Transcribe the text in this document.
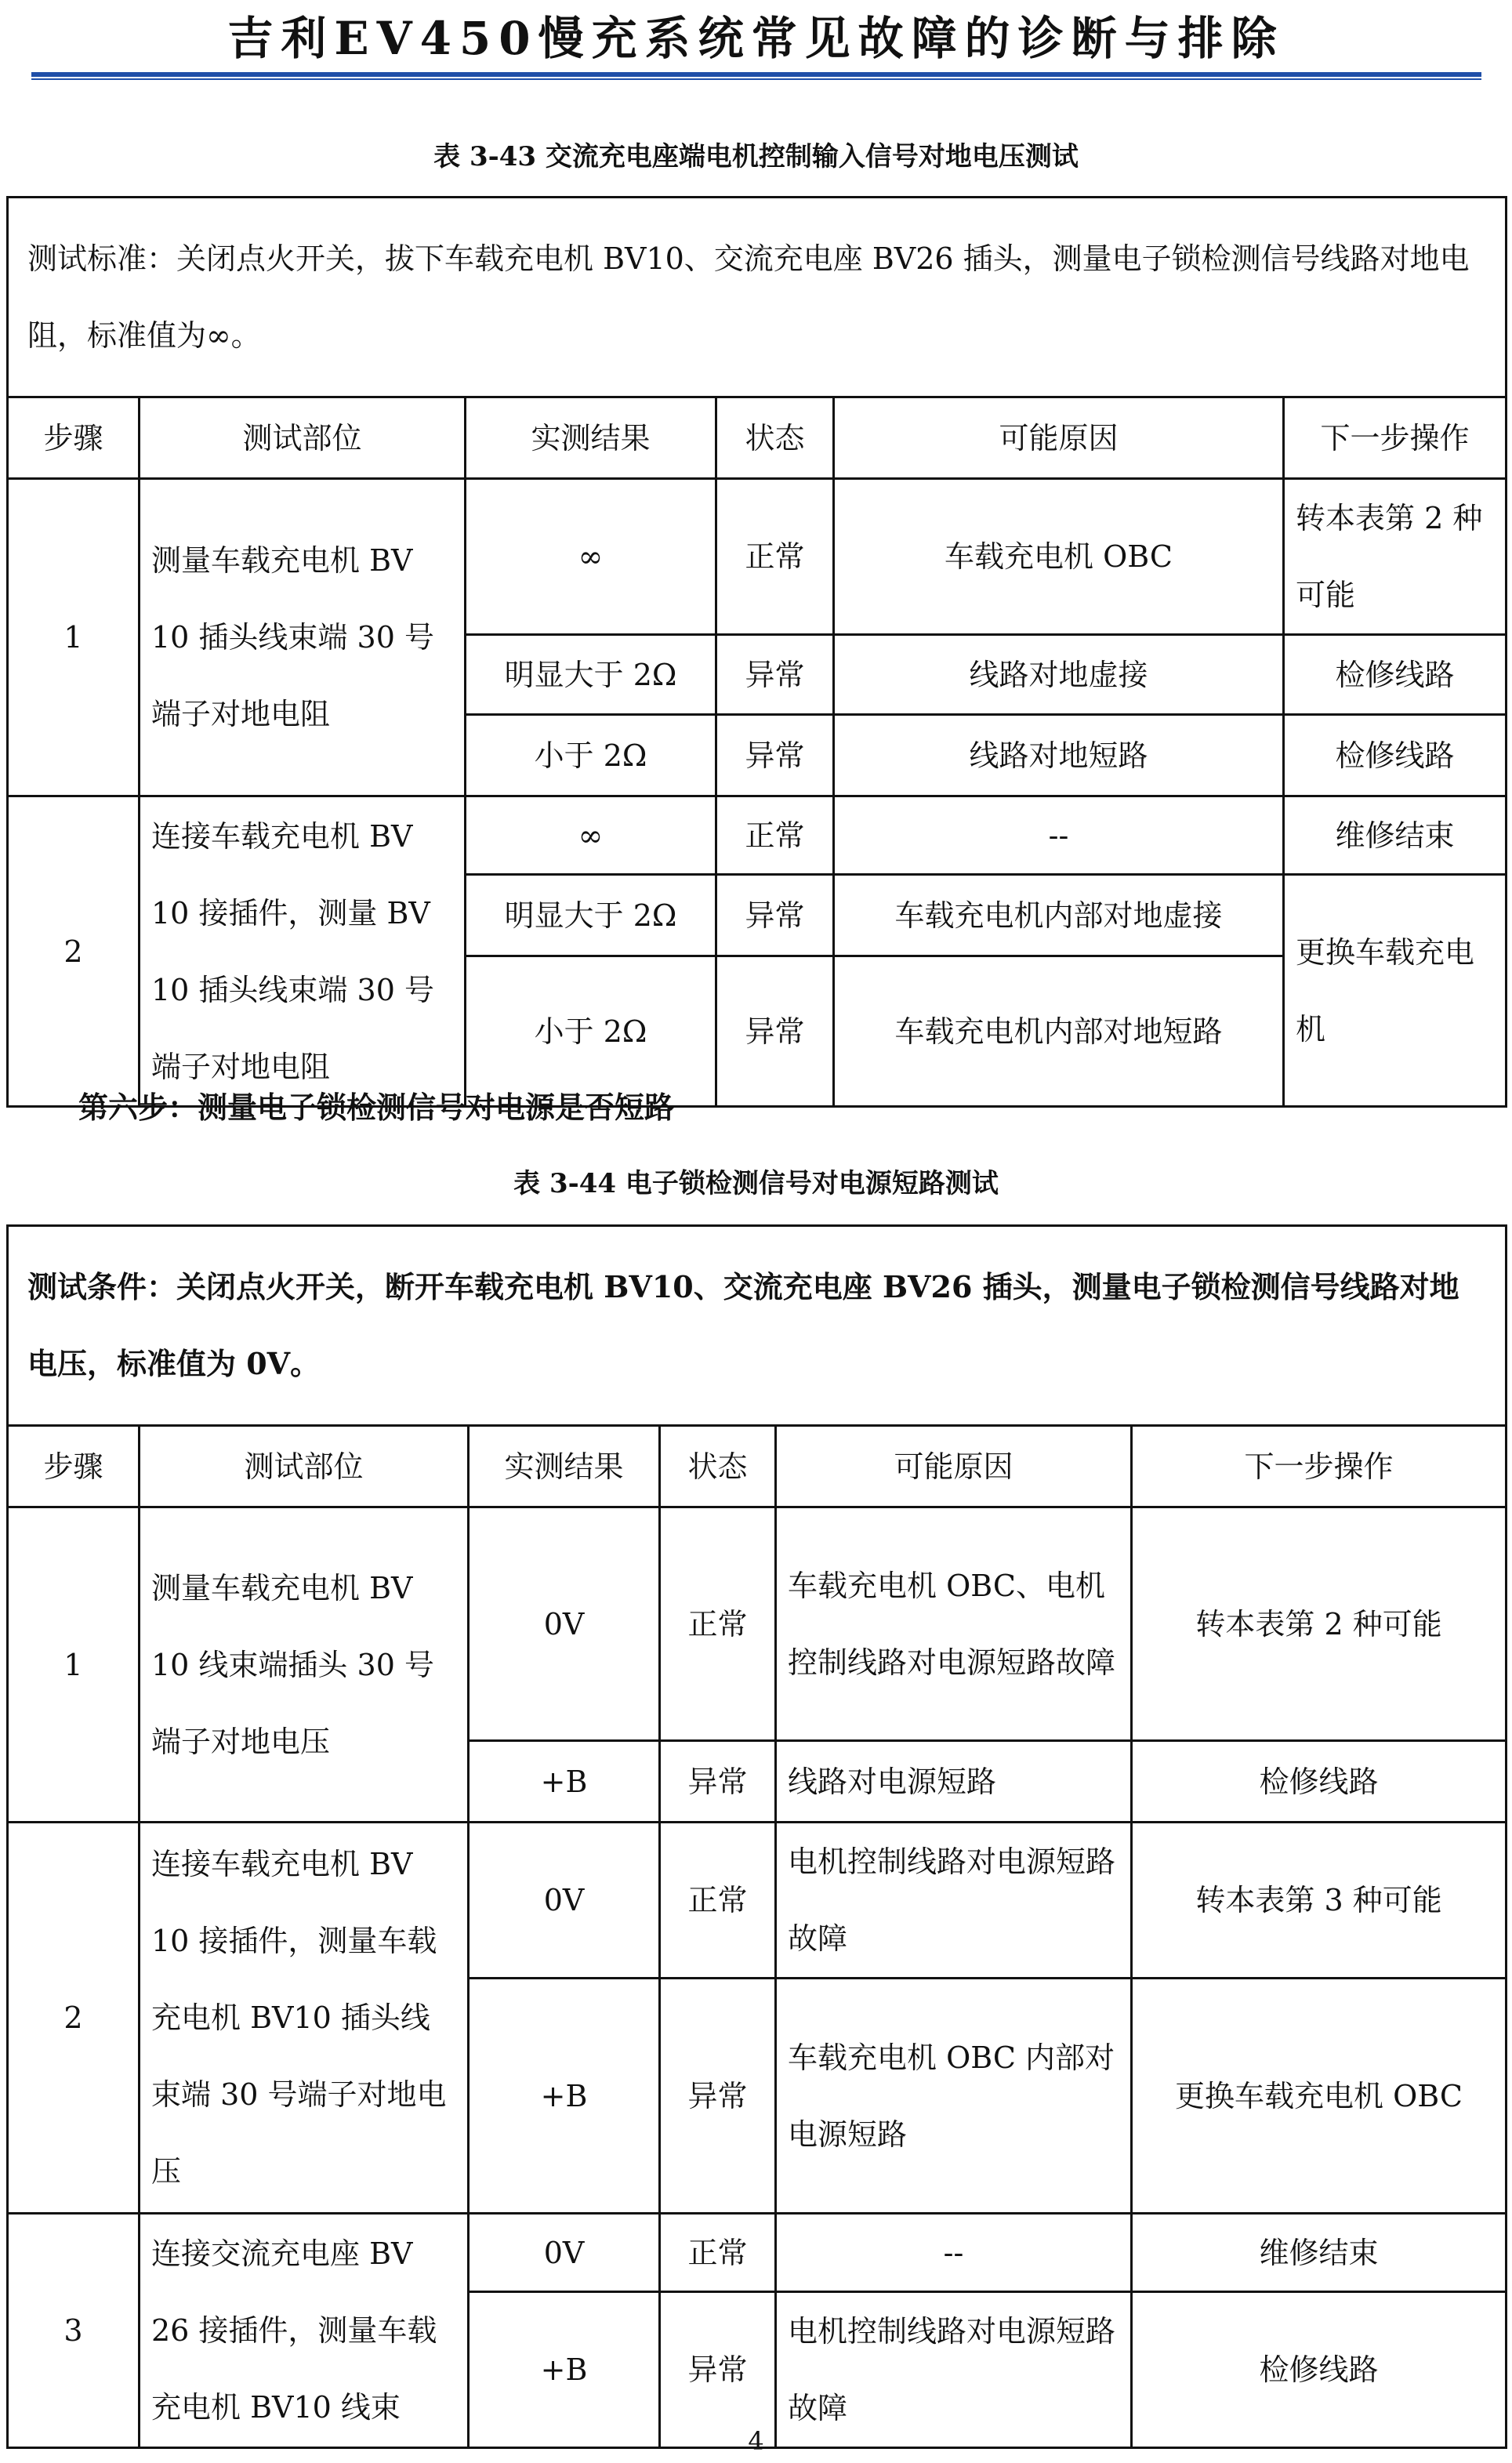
吉利EV450慢充系统常见故障的诊断与排除
表 3-43 交流充电座端电机控制输入信号对地电压测试
测试标准：关闭点火开关，拔下车载充电机 BV10、交流充电座 BV26 插头，测量电子锁检测信号线路对地电阻，标准值为∞。					
步骤	测试部位	实测结果	状态	可能原因	下一步操作
1	测量车载充电机 BV 10 插头线束端 30 号端子对地电阻	∞	正常	车载充电机 OBC	转本表第 2 种可能
		明显大于 2Ω	异常	线路对地虚接	检修线路
		小于 2Ω	异常	线路对地短路	检修线路
2	连接车载充电机 BV 10 接插件，测量 BV 10 插头线束端 30 号端子对地电阻	∞	正常	--	维修结束
		明显大于 2Ω	异常	车载充电机内部对地虚接	更换车载充电机
		小于 2Ω	异常	车载充电机内部对地短路	
第六步：测量电子锁检测信号对电源是否短路
表 3-44 电子锁检测信号对电源短路测试
测试条件：关闭点火开关，断开车载充电机 BV10、交流充电座 BV26 插头，测量电子锁检测信号线路对地电压，标准值为 0V。					
步骤	测试部位	实测结果	状态	可能原因	下一步操作
1	测量车载充电机 BV 10 线束端插头 30 号端子对地电压	0V	正常	车载充电机 OBC、电机控制线路对电源短路故障	转本表第 2 种可能
		+B	异常	线路对电源短路	检修线路
2	连接车载充电机 BV 10 接插件，测量车载充电机 BV10 插头线束端 30 号端子对地电压	0V	正常	电机控制线路对电源短路故障	转本表第 3 种可能
		+B	异常	车载充电机 OBC 内部对电源短路	更换车载充电机 OBC
3	连接交流充电座 BV 26 接插件，测量车载充电机 BV10 线束	0V	正常	--	维修结束
		+B	异常	电机控制线路对电源短路故障	检修线路
4
